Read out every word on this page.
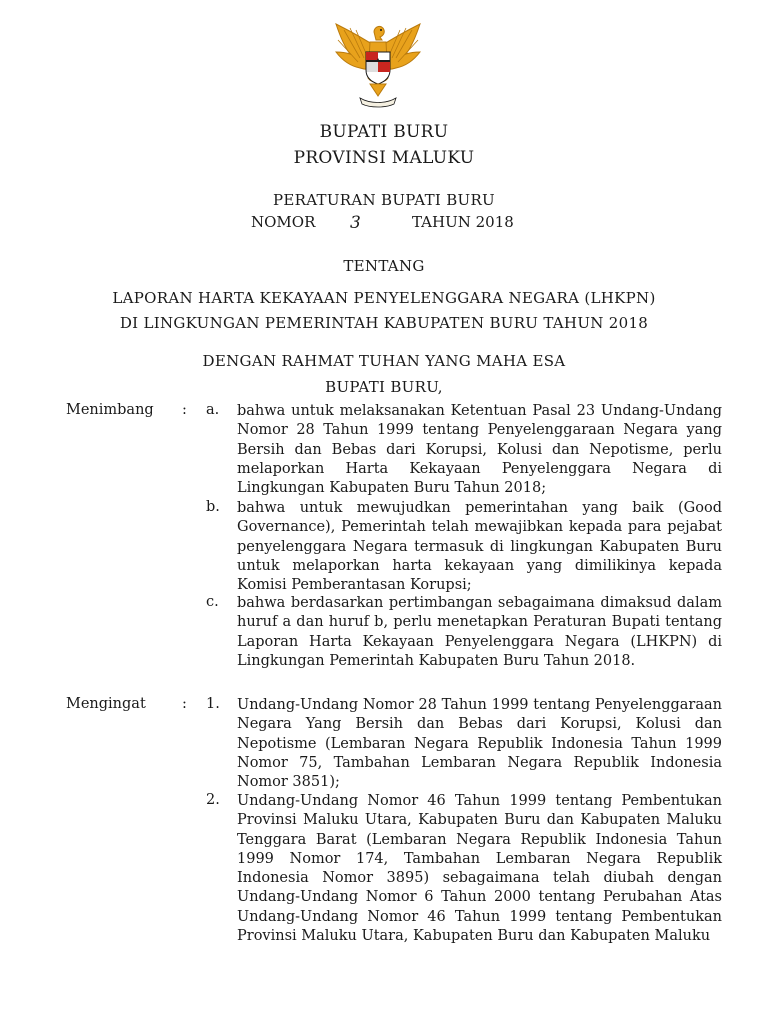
BUPATI BURU
PROVINSI MALUKU
PERATURAN BUPATI BURU
NOMOR 3	TAHUN 2018
TENTANG
LAPORAN HARTA KEKAYAAN PENYELENGGARA NEGARA (LHKPN)
DI LINGKUNGAN PEMERINTAH KABUPATEN BURU TAHUN 2018
DENGAN RAHMAT TUHAN YANG MAHA ESA
BUPATI BURU,
Menimbang : a. bahwa untuk melaksanakan Ketentuan Pasal 23 Undang-Undang Nomor 28 Tahun 1999 tentang Penyelenggaraan Negara yang Bersih dan Bebas dari Korupsi, Kolusi dan Nepotisme, perlu melaporkan Harta Kekayaan Penyelenggara Negara di Lingkungan Kabupaten Buru Tahun 2018;
b. bahwa untuk mewujudkan pemerintahan yang baik (Good Governance), Pemerintah telah mewajibkan kepada para pejabat penyelenggara Negara termasuk di lingkungan Kabupaten Buru untuk melaporkan harta kekayaan yang dimilikinya kepada Komisi Pemberantasan Korupsi;
c. bahwa berdasarkan pertimbangan sebagaimana dimaksud dalam huruf a dan huruf b, perlu menetapkan Peraturan Bupati tentang Laporan Harta Kekayaan Penyelenggara Negara (LHKPN) di Lingkungan Pemerintah Kabupaten Buru Tahun 2018.
Mengingat : 1. Undang-Undang Nomor 28 Tahun 1999 tentang Penyelenggaraan Negara Yang Bersih dan Bebas dari Korupsi, Kolusi dan Nepotisme (Lembaran Negara Republik Indonesia Tahun 1999 Nomor 75, Tambahan Lembaran Negara Republik Indonesia Nomor 3851);
2. Undang-Undang Nomor 46 Tahun 1999 tentang Pembentukan Provinsi Maluku Utara, Kabupaten Buru dan Kabupaten Maluku Tenggara Barat (Lembaran Negara Republik Indonesia Tahun 1999 Nomor 174, Tambahan Lembaran Negara Republik Indonesia Nomor 3895) sebagaimana telah diubah dengan Undang-Undang Nomor 6 Tahun 2000 tentang Perubahan Atas Undang-Undang Nomor 46 Tahun 1999 tentang Pembentukan Provinsi Maluku Utara, Kabupaten Buru dan Kabupaten Maluku
